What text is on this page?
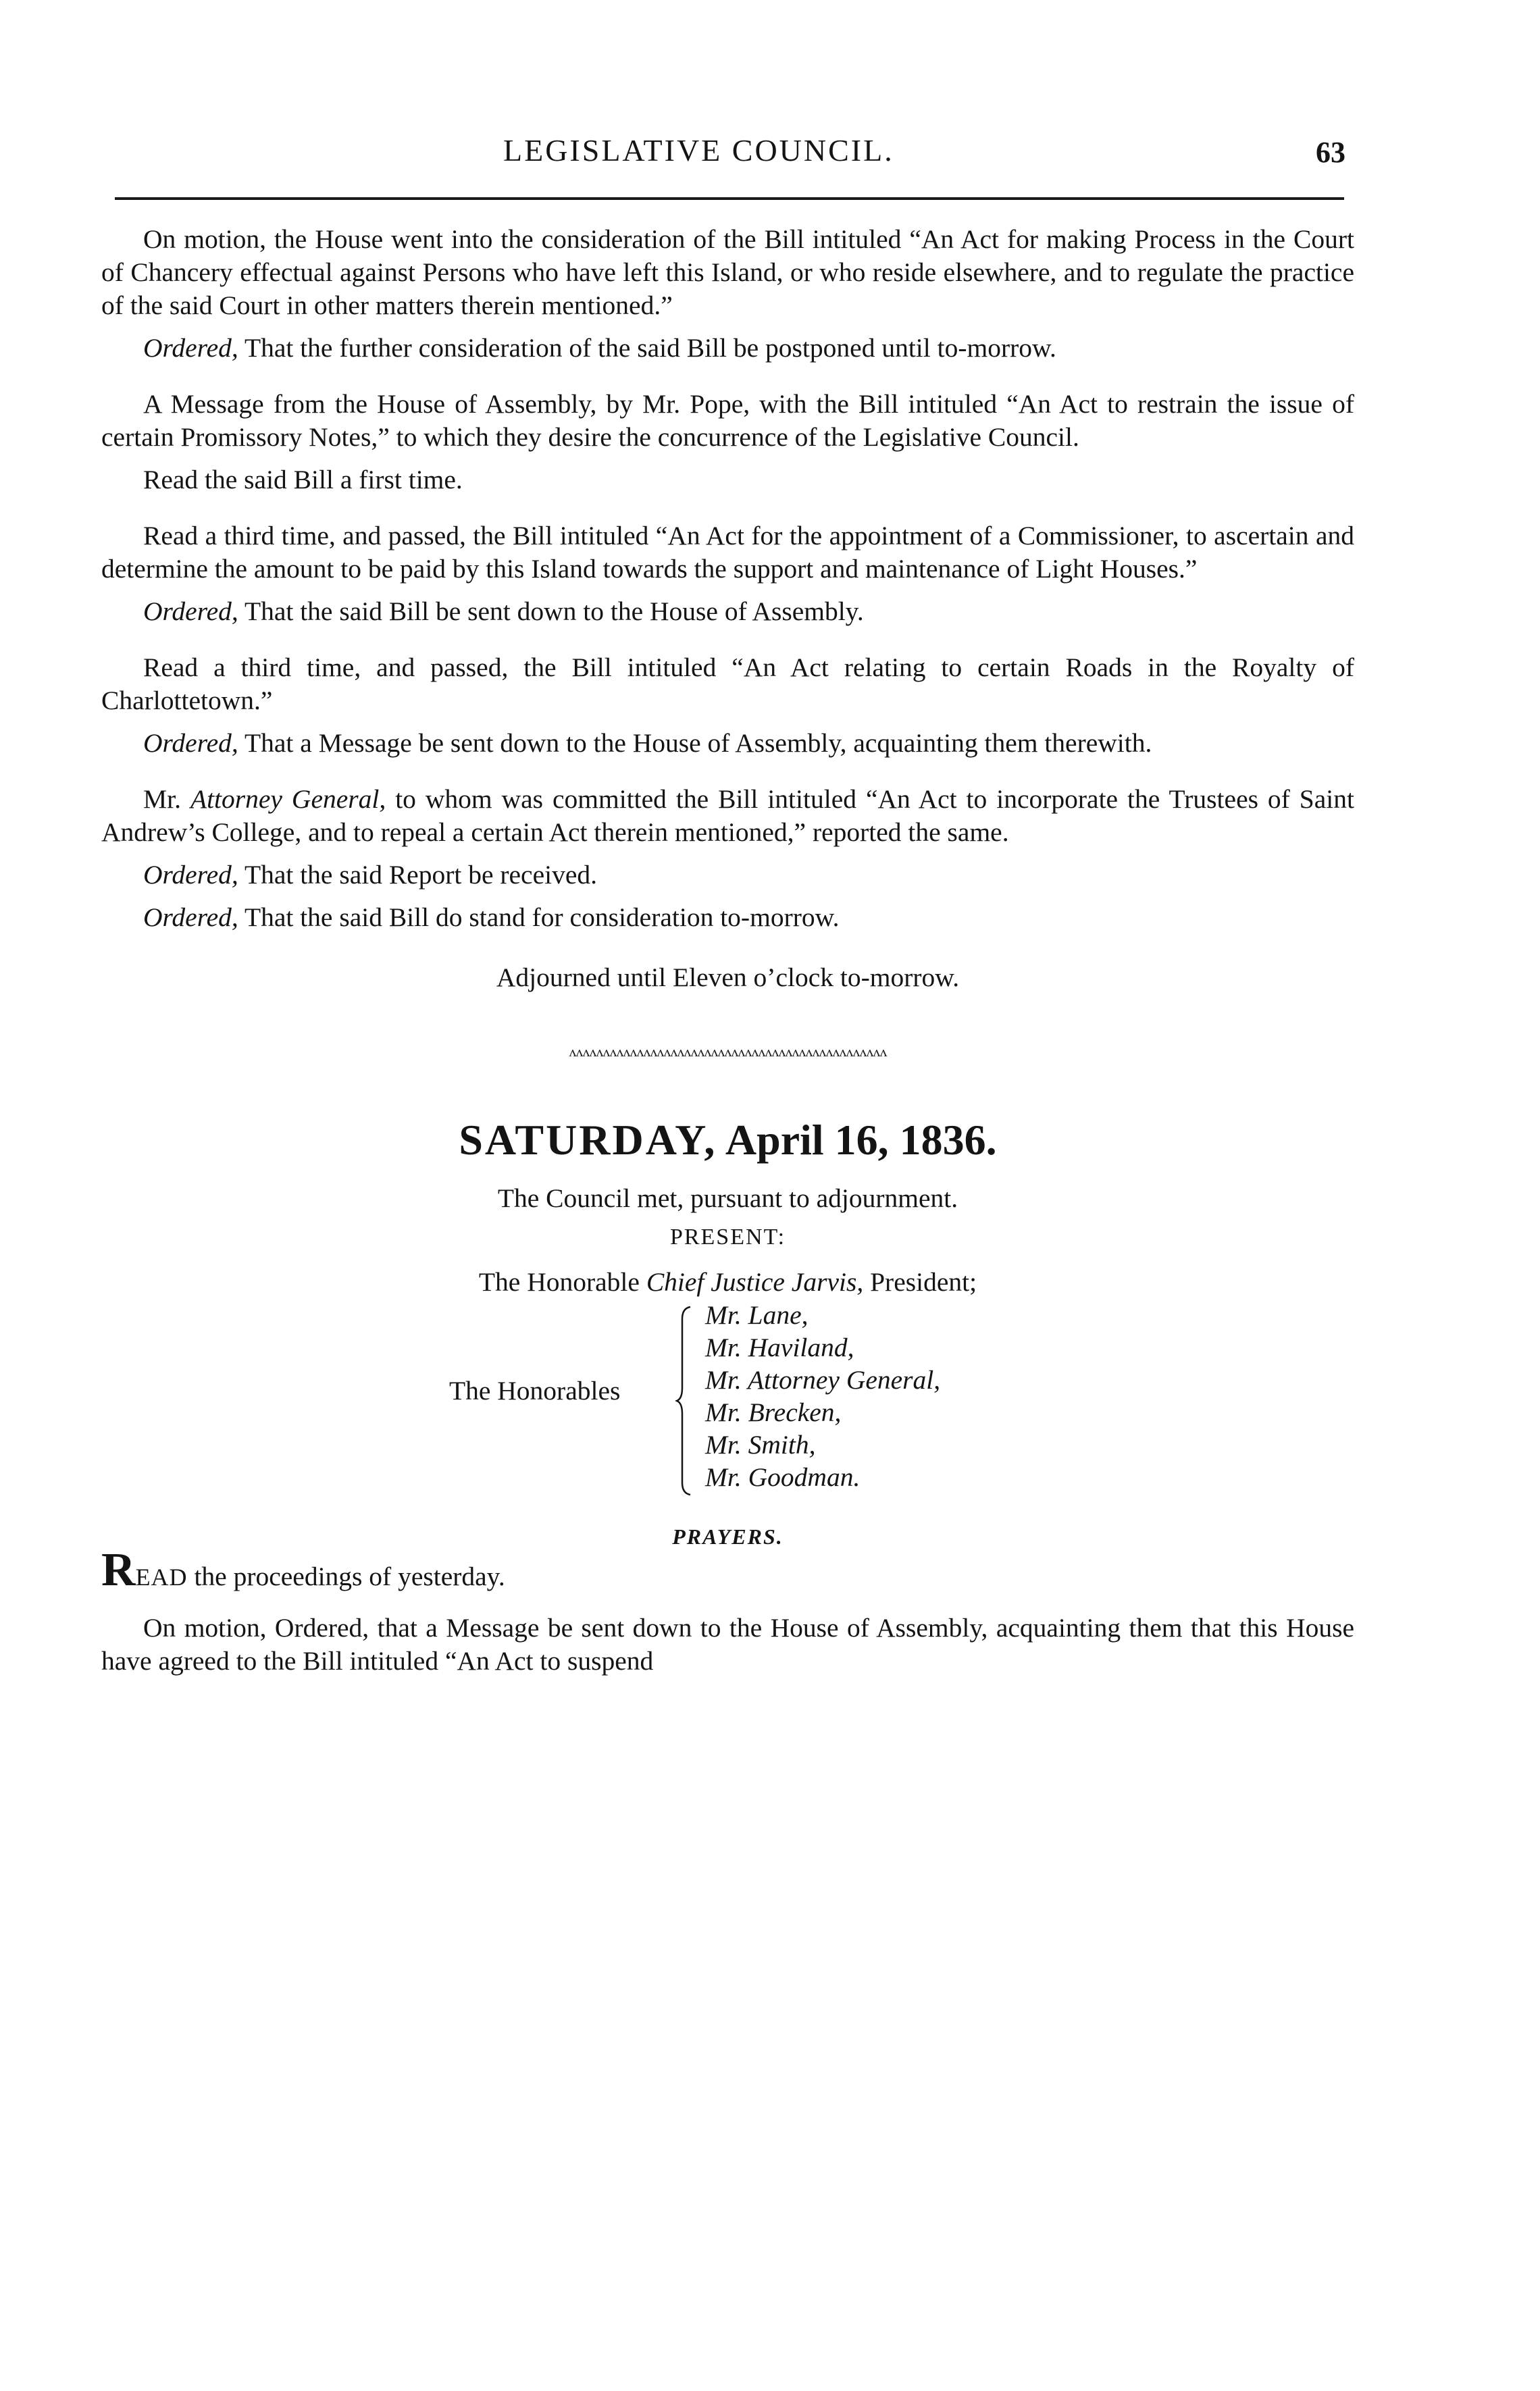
LEGISLATIVE COUNCIL.	63

On motion, the House went into the consideration of the Bill intituled “An Act for making Process in the Court of Chancery effectual against Persons who have left this Island, or who reside elsewhere, and to regulate the practice of the said Court in other matters therein mentioned.”

Ordered, That the further consideration of the said Bill be postponed until to-morrow.

A Message from the House of Assembly, by Mr. Pope, with the Bill intituled “An Act to restrain the issue of certain Promissory Notes,” to which they desire the concurrence of the Legislative Council.

Read the said Bill a first time.

Read a third time, and passed, the Bill intituled “An Act for the appointment of a Commissioner, to ascertain and determine the amount to be paid by this Island towards the support and maintenance of Light Houses.”

Ordered, That the said Bill be sent down to the House of Assembly.

Read a third time, and passed, the Bill intituled “An Act relating to certain Roads in the Royalty of Charlottetown.”

Ordered, That a Message be sent down to the House of Assembly, acquainting them therewith.

Mr. Attorney General, to whom was committed the Bill intituled “An Act to incorporate the Trustees of Saint Andrew’s College, and to repeal a certain Act therein mentioned,” reported the same.

Ordered, That the said Report be received.

Ordered, That the said Bill do stand for consideration to-morrow.

Adjourned until Eleven o’clock to-morrow.

ʌʌʌʌʌʌʌʌʌʌʌʌʌʌʌʌʌʌʌʌʌʌʌʌʌʌʌʌʌʌʌʌʌʌʌʌʌʌʌʌʌʌʌʌʌʌʌ
SATURDAY, April 16, 1836.

The Council met, pursuant to adjournment.

PRESENT:

The Honorable Chief Justice Jarvis, President;

The Honorables
Mr. Lane,
Mr. Haviland,
Mr. Attorney General,
Mr. Brecken,
Mr. Smith,
Mr. Goodman.

PRAYERS.

READ the proceedings of yesterday.

On motion, Ordered, that a Message be sent down to the House of Assembly, acquainting them that this House have agreed to the Bill intituled “An Act to suspend
